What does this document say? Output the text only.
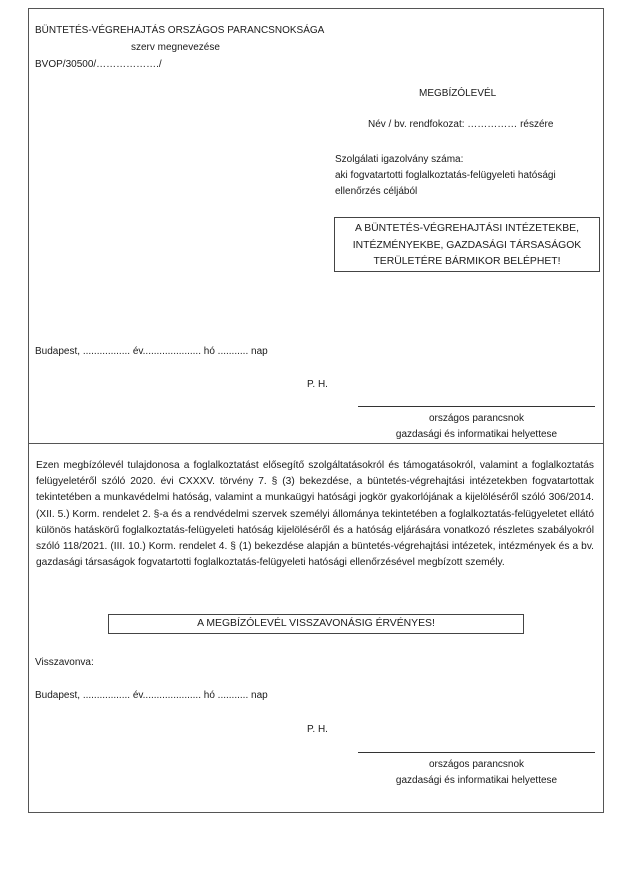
BÜNTETÉS-VÉGREHAJTÁS ORSZÁGOS PARANCSNOKSÁGA
szerv megnevezése
BVOP/30500/………………./
MEGBÍZÓLEVÉL
Név / bv. rendfokozat: …………… részére
Szolgálati igazolvány száma:
aki fogvatartotti foglalkoztatás-felügyeleti hatósági
ellenőrzés céljából
A BÜNTETÉS-VÉGREHAJTÁSI INTÉZETEKBE,
INTÉZMÉNYEKBE, GAZDASÁGI TÁRSASÁGOK
TERÜLETÉRE BÁRMIKOR BELÉPHET!
Budapest, ................. év..................... hó ........... nap
P. H.
országos parancsnok
gazdasági és informatikai helyettese
Ezen megbízólevél tulajdonosa a foglalkoztatást elősegítő szolgáltatásokról és támogatásokról, valamint a foglalkoztatás felügyeletéről szóló 2020. évi CXXXV. törvény 7. § (3) bekezdése, a büntetés-végrehajtási intézetekben fogvatartottak tekintetében a munkavédelmi hatóság, valamint a munkaügyi hatósági jogkör gyakorlójának a kijelöléséről szóló 306/2014. (XII. 5.) Korm. rendelet 2. §-a és a rendvédelmi szervek személyi állománya tekintetében a foglalkoztatás-felügyeletet ellátó különös hatáskörű foglalkoztatás-felügyeleti hatóság kijelöléséről és a hatóság eljárására vonatkozó részletes szabályokról szóló 118/2021. (III. 10.) Korm. rendelet 4. § (1) bekezdése alapján a büntetés-végrehajtási intézetek, intézmények és a bv. gazdasági társaságok fogvatartotti foglalkoztatás-felügyeleti hatósági ellenőrzésével megbízott személy.
A MEGBÍZÓLEVÉL VISSZAVONÁSIG ÉRVÉNYES!
Visszavonva:
Budapest, ................. év..................... hó ........... nap
P. H.
országos parancsnok
gazdasági és informatikai helyettese
